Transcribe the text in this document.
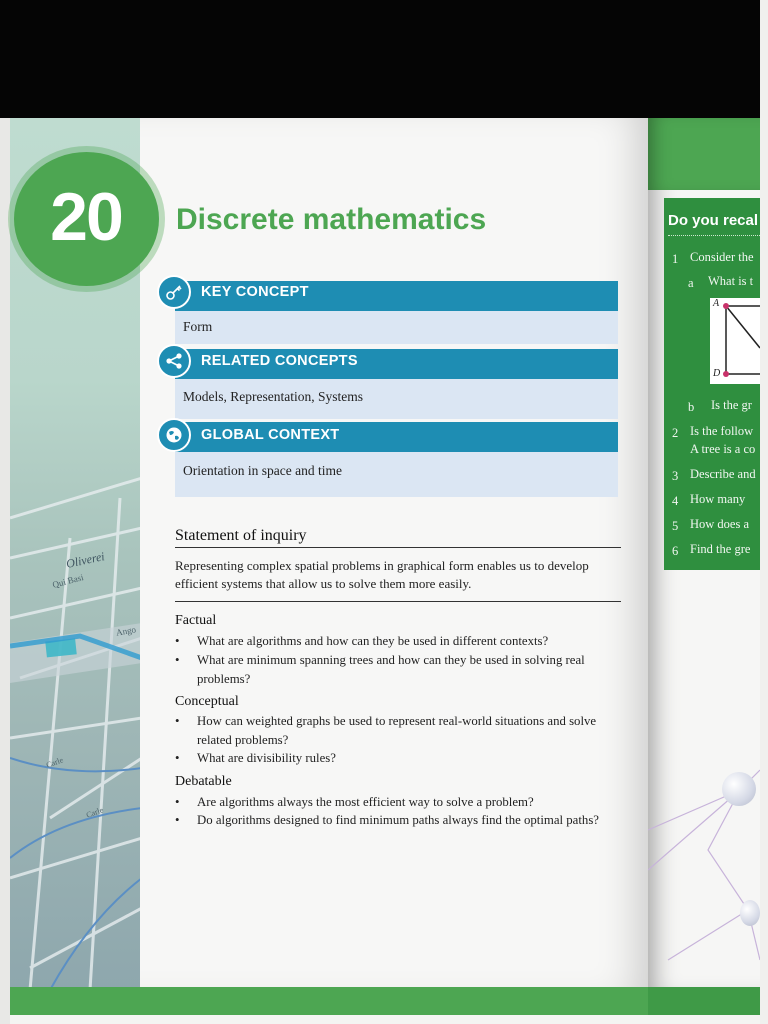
Oliverei
Qui Basi
Ango
Carle
Carle
Do you recal
1 Consider the
a What is t
A
D
b Is the gr
2 Is the follow
A tree is a co
3 Describe and
4 How many
5 How does a
6 Find the gre
20	Discrete mathematics
KEY CONCEPT
Form
RELATED CONCEPTS
Models, Representation, Systems
GLOBAL CONTEXT
Orientation in space and time
Statement of inquiry
Representing complex spatial problems in graphical form enables us to develop efficient systems that allow us to solve them more easily.
Factual
•	What are algorithms and how can they be used in different contexts?
•	What are minimum spanning trees and how can they be used in solving real problems?
Conceptual
•	How can weighted graphs be used to represent real-world situations and solve related problems?
•	What are divisibility rules?
Debatable
•	Are algorithms always the most efficient way to solve a problem?
•	Do algorithms designed to find minimum paths always find the optimal paths?
